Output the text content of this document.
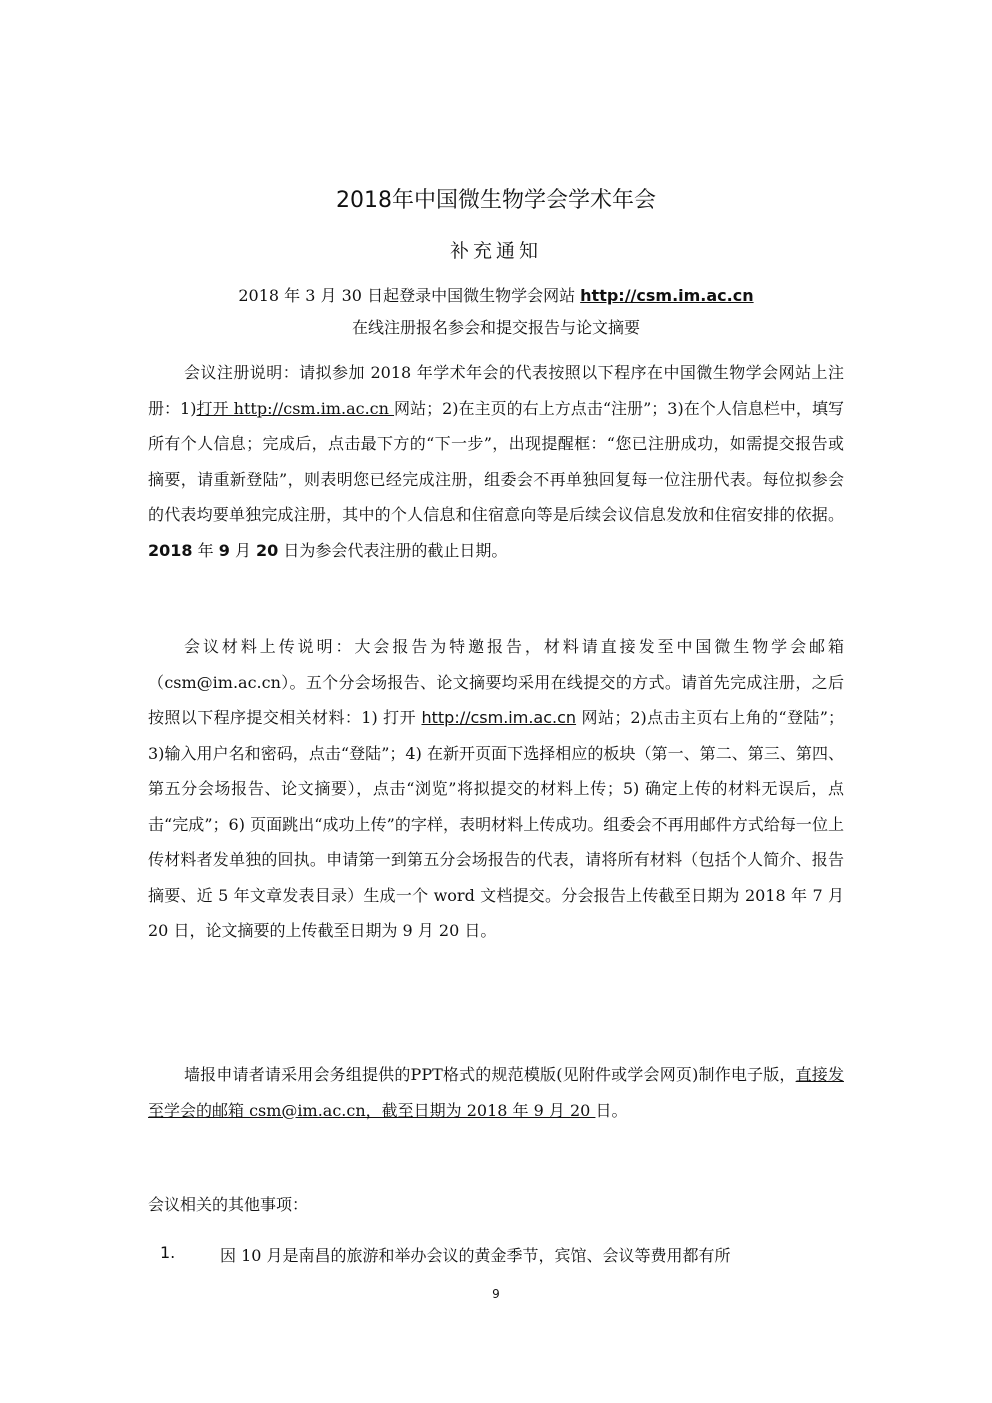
2018年中国微生物学会学术年会
补充通知
2018 年 3 月 30 日起登录中国微生物学会网站 http://csm.im.ac.cn
在线注册报名参会和提交报告与论文摘要

会议注册说明：请拟参加 2018 年学术年会的代表按照以下程序在中国微生物学会网站上注册：1)打开 http://csm.im.ac.cn 网站；2)在主页的右上方点击“注册”；3)在个人信息栏中，填写所有个人信息；完成后，点击最下方的“下一步”，出现提醒框：“您已注册成功，如需提交报告或摘要，请重新登陆”，则表明您已经完成注册，组委会不再单独回复每一位注册代表。每位拟参会的代表均要单独完成注册，其中的个人信息和住宿意向等是后续会议信息发放和住宿安排的依据。2018 年 9 月 20 日为参会代表注册的截止日期。

会议材料上传说明：大会报告为特邀报告，材料请直接发至中国微生物学会邮箱（csm@im.ac.cn）。五个分会场报告、论文摘要均采用在线提交的方式。请首先完成注册，之后按照以下程序提交相关材料：1) 打开 http://csm.im.ac.cn 网站；2)点击主页右上角的“登陆”；3)输入用户名和密码，点击“登陆”；4) 在新开页面下选择相应的板块（第一、第二、第三、第四、第五分会场报告、论文摘要），点击“浏览”将拟提交的材料上传；5) 确定上传的材料无误后，点击“完成”；6) 页面跳出“成功上传”的字样，表明材料上传成功。组委会不再用邮件方式给每一位上传材料者发单独的回执。申请第一到第五分会场报告的代表，请将所有材料（包括个人简介、报告摘要、近 5 年文章发表目录）生成一个 word 文档提交。分会报告上传截至日期为 2018 年 7 月 20 日，论文摘要的上传截至日期为 9 月 20 日。

墙报申请者请采用会务组提供的PPT格式的规范模版(见附件或学会网页)制作电子版，直接发至学会的邮箱 csm@im.ac.cn，截至日期为 2018 年 9 月 20 日。

会议相关的其他事项：
1.	因 10 月是南昌的旅游和举办会议的黄金季节，宾馆、会议等费用都有所
9
